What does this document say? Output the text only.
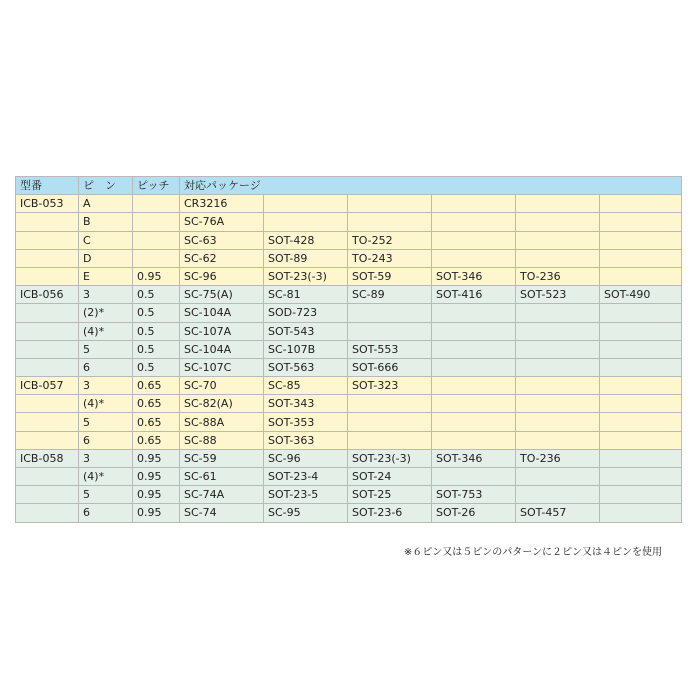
型番	ピ　ン	ピッチ	対応パッケージ					
ICB-053	A		CR3216					
	B		SC-76A					
	C		SC-63	SOT-428	TO-252			
	D		SC-62	SOT-89	TO-243			
	E	0.95	SC-96	SOT-23(-3)	SOT-59	SOT-346	TO-236	
ICB-056	3	0.5	SC-75(A)	SC-81	SC-89	SOT-416	SOT-523	SOT-490
	(2)*	0.5	SC-104A	SOD-723				
	(4)*	0.5	SC-107A	SOT-543				
	5	0.5	SC-104A	SC-107B	SOT-553			
	6	0.5	SC-107C	SOT-563	SOT-666			
ICB-057	3	0.65	SC-70	SC-85	SOT-323			
	(4)*	0.65	SC-82(A)	SOT-343				
	5	0.65	SC-88A	SOT-353				
	6	0.65	SC-88	SOT-363				
ICB-058	3	0.95	SC-59	SC-96	SOT-23(-3)	SOT-346	TO-236	
	(4)*	0.95	SC-61	SOT-23-4	SOT-24			
	5	0.95	SC-74A	SOT-23-5	SOT-25	SOT-753		
	6	0.95	SC-74	SC-95	SOT-23-6	SOT-26	SOT-457	
※６ピン又は５ピンのパターンに２ピン又は４ピンを使用
